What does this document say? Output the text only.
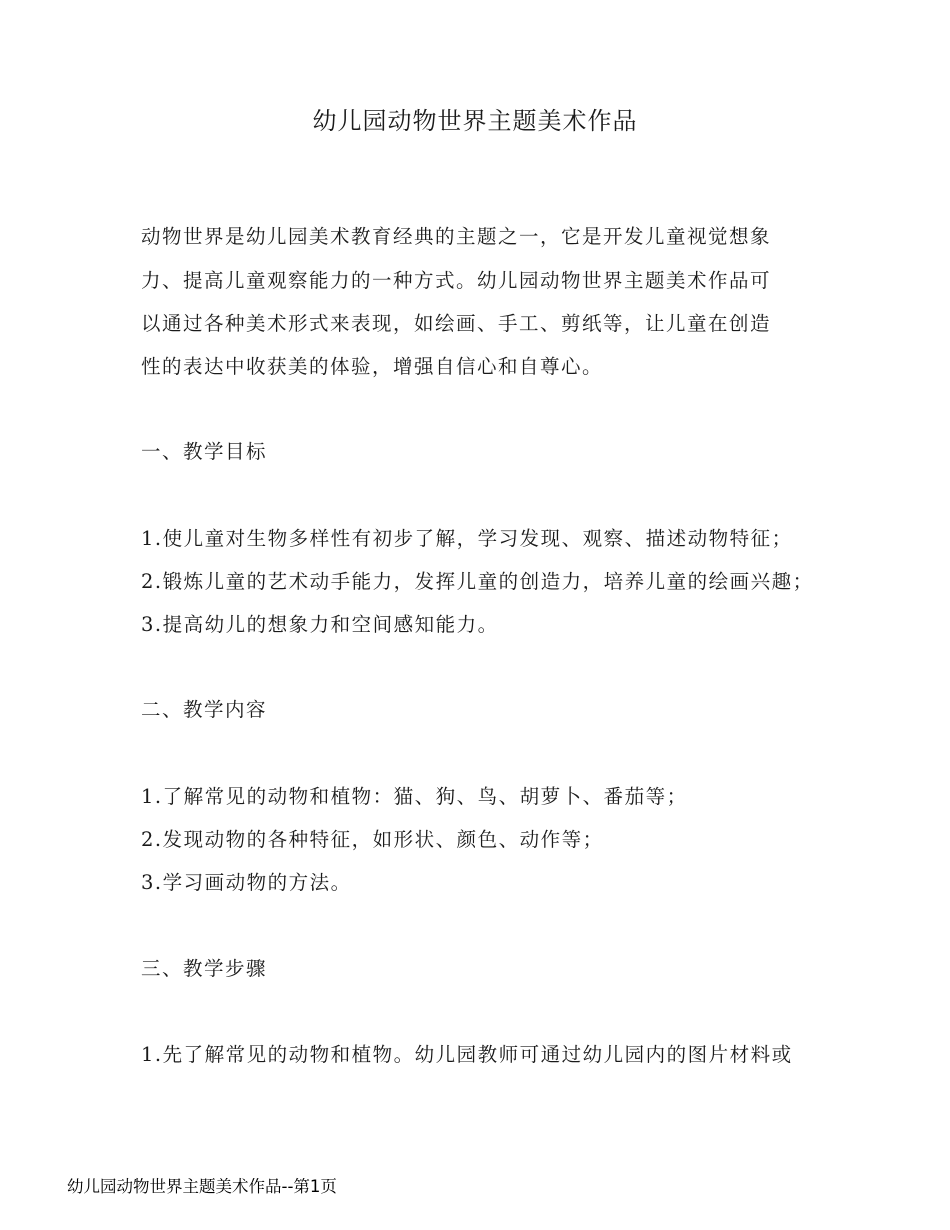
幼儿园动物世界主题美术作品
动物世界是幼儿园美术教育经典的主题之一，它是开发儿童视觉想象
力、提高儿童观察能力的一种方式。幼儿园动物世界主题美术作品可
以通过各种美术形式来表现，如绘画、手工、剪纸等，让儿童在创造
性的表达中收获美的体验，增强自信心和自尊心。
一、教学目标
1.使儿童对生物多样性有初步了解，学习发现、观察、描述动物特征；
2.锻炼儿童的艺术动手能力，发挥儿童的创造力，培养儿童的绘画兴趣；
3.提高幼儿的想象力和空间感知能力。
二、教学内容
1.了解常见的动物和植物：猫、狗、鸟、胡萝卜、番茄等；
2.发现动物的各种特征，如形状、颜色、动作等；
3.学习画动物的方法。
三、教学步骤
1.先了解常见的动物和植物。幼儿园教师可通过幼儿园内的图片材料或
幼儿园动物世界主题美术作品--第1页
